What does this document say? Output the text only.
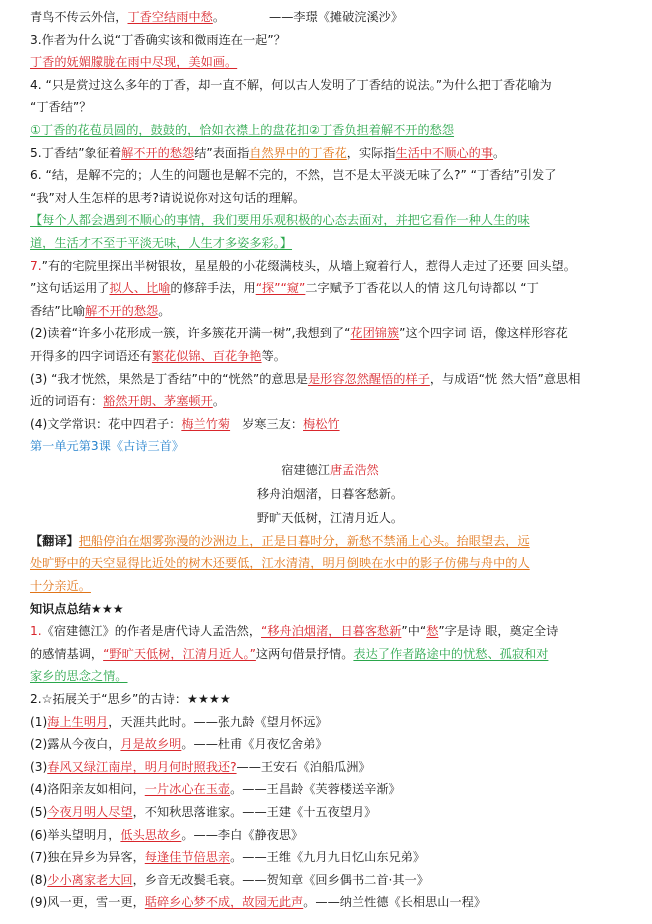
青鸟不传云外信，丁香空结雨中愁。	——李璟《摊破浣溪沙》
3.作者为什么说“丁香确实该和微雨连在一起”？
丁香的妩媚朦胧在雨中尽现，美如画。
4. “只是赏过这么多年的丁香，却一直不解，何以古人发明了丁香结的说法。”为什么把丁香花喻为
“丁香结”？
①丁香的花苞员圆的，鼓鼓的，恰如衣襟上的盘花扣②丁香负担着解不开的愁怨
5.丁香结”象征着解不开的愁怨结”表面指自然界中的丁香花，实际指生活中不顺心的事。
6. “结，是解不完的；人生的问题也是解不完的，不然，岂不是太平淡无味了么?” “丁香结”引发了
“我”对人生怎样的思考?请说说你对这句话的理解。
【每个人都会遇到不顺心的事情，我们要用乐观积极的心态去面对，并把它看作一种人生的味
道，生活才不至于平淡无味，人生才多姿多彩。】
7.”有的宅院里探出半树银妆，星星般的小花缀满枝头，从墙上窥着行人，惹得人走过了还要 回头望。
”这句话运用了拟人、比喻的修辞手法，用“探”“窥”二字赋予丁香花以人的情 这几句诗都以 “丁
香结”比喻解不开的愁怨。
(2)读着“许多小花形成一簇，许多簇花开满一树”,我想到了“花团锦簇”这个四字词 语，像这样形容花
开得多的四字词语还有繁花似锦、百花争艳等。
(3) “我才恍然，果然是丁香结”中的“恍然”的意思是是形容忽然醒悟的样子，与成语“恍 然大悟”意思相
近的词语有：豁然开朗、茅塞顿开。
(4)文学常识：花中四君子：梅兰竹菊 岁寒三友：梅松竹
第一单元第3课《古诗三首》
宿建德江唐孟浩然
移舟泊烟渚，日暮客愁新。
野旷天低树，江清月近人。
【翻译】把船停泊在烟雾弥漫的沙洲边上，正是日暮时分，新愁不禁涌上心头。抬眼望去，远
处旷野中的天空显得比近处的树木还要低，江水清清，明月倒映在水中的影子仿佛与舟中的人
十分亲近。
知识点总结★★★
1.《宿建德江》的作者是唐代诗人孟浩然，“移舟泊烟渚，日暮客愁新”中“愁”字是诗 眼，奠定全诗
的感情基调，“野旷天低树，江清月近人。”这两句借景抒情。表达了作者路途中的忧愁、孤寂和对
家乡的思念之情。
2.☆拓展关于“思乡”的古诗：★★★★
(1)海上生明月，天涯共此时。——张九龄《望月怀远》
(2)露从今夜白，月是故乡明。——杜甫《月夜忆舍弟》
(3)春风又绿江南岸，明月何时照我还?——王安石《泊船瓜洲》
(4)洛阳亲友如相问，一片冰心在玉壶。——王昌龄《芙蓉楼送辛渐》
(5)今夜月明人尽望，不知秋思落谁家。——王建《十五夜望月》
(6)举头望明月，低头思故乡。——李白《静夜思》
(7)独在异乡为异客，每逢佳节倍思亲。——王维《九月九日忆山东兄弟》
(8)少小离家老大回，乡音无改鬓毛衰。——贺知章《回乡偶书二首·其一》
(9)风一更，雪一更，聒碎乡心梦不成，故园无此声。——纳兰性德《长相思山一程》
